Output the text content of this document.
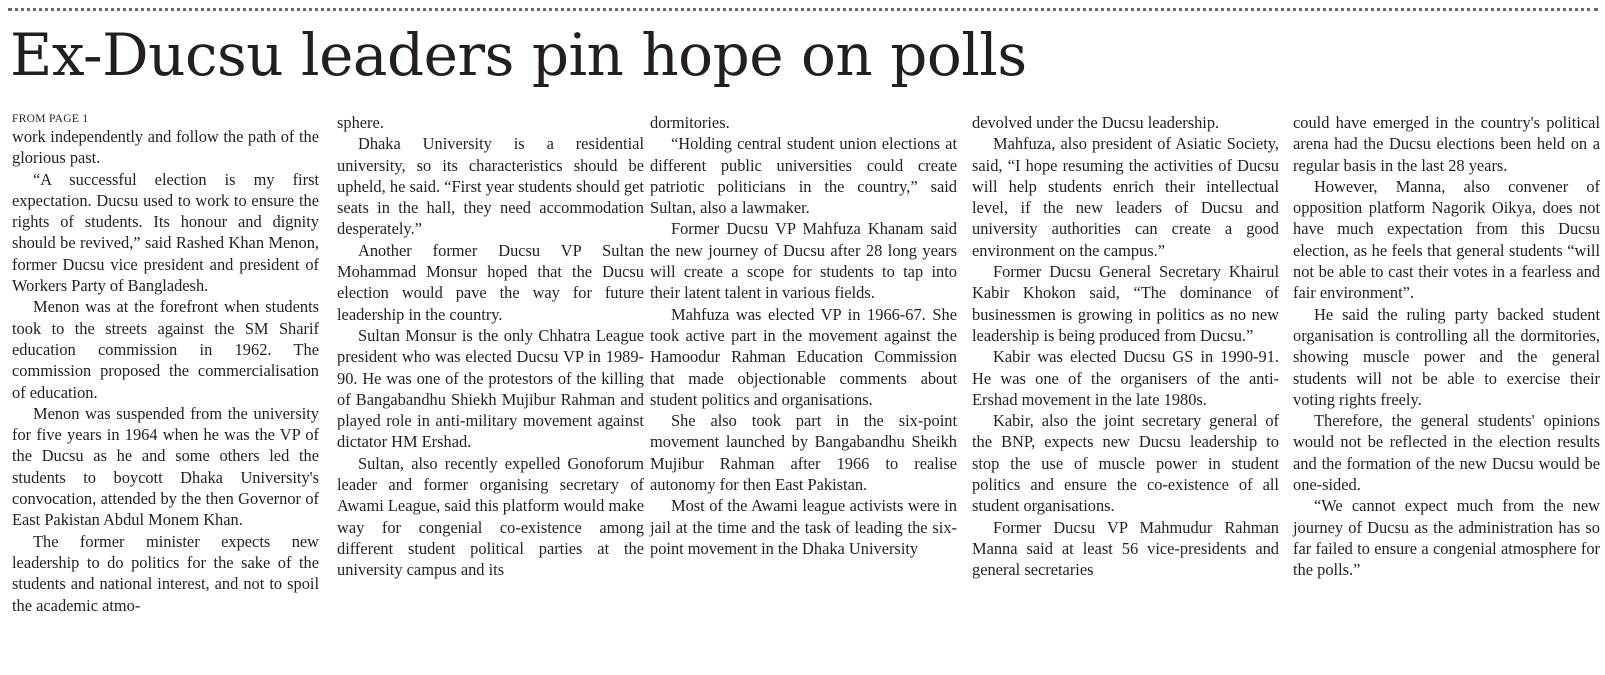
Ex-Ducsu leaders pin hope on polls
FROM PAGE 1

work independently and follow the path of the glorious past.

“A successful election is my first expectation. Ducsu used to work to ensure the rights of students. Its honour and dignity should be revived,” said Rashed Khan Menon, former Ducsu vice president and president of Workers Party of Bangladesh.

Menon was at the forefront when students took to the streets against the SM Sharif education commission in 1962. The commission proposed the commercialisation of education.

Menon was suspended from the university for five years in 1964 when he was the VP of the Ducsu as he and some others led the students to boycott Dhaka University's convocation, attended by the then Governor of East Pakistan Abdul Monem Khan.

The former minister expects new leadership to do politics for the sake of the students and national interest, and not to spoil the academic atmo-

sphere.

Dhaka University is a residential university, so its characteristics should be upheld, he said. “First year students should get seats in the hall, they need accommodation desperately.”

Another former Ducsu VP Sultan Mohammad Monsur hoped that the Ducsu election would pave the way for future leadership in the country.

Sultan Monsur is the only Chhatra League president who was elected Ducsu VP in 1989-90. He was one of the protestors of the killing of Bangabandhu Shiekh Mujibur Rahman and played role in anti-military movement against dictator HM Ershad.

Sultan, also recently expelled Gonoforum leader and former organising secretary of Awami League, said this platform would make way for congenial co-existence among different student political parties at the university campus and its

dormitories.

“Holding central student union elections at different public universities could create patriotic politicians in the country,” said Sultan, also a lawmaker.

Former Ducsu VP Mahfuza Khanam said the new journey of Ducsu after 28 long years will create a scope for students to tap into their latent talent in various fields.

Mahfuza was elected VP in 1966-67. She took active part in the movement against the Hamoodur Rahman Education Commission that made objectionable comments about student politics and organisations.

She also took part in the six-point movement launched by Bangabandhu Sheikh Mujibur Rahman after 1966 to realise autonomy for then East Pakistan.

Most of the Awami league activists were in jail at the time and the task of leading the six-point movement in the Dhaka University

devolved under the Ducsu leadership.

Mahfuza, also president of Asiatic Society, said, “I hope resuming the activities of Ducsu will help students enrich their intellectual level, if the new leaders of Ducsu and university authorities can create a good environment on the campus.”

Former Ducsu General Secretary Khairul Kabir Khokon said, “The dominance of businessmen is growing in politics as no new leadership is being produced from Ducsu.”

Kabir was elected Ducsu GS in 1990-91. He was one of the organisers of the anti-Ershad movement in the late 1980s.

Kabir, also the joint secretary general of the BNP, expects new Ducsu leadership to stop the use of muscle power in student politics and ensure the co-existence of all student organisations.

Former Ducsu VP Mahmudur Rahman Manna said at least 56 vice-presidents and general secretaries

could have emerged in the country's political arena had the Ducsu elections been held on a regular basis in the last 28 years.

However, Manna, also convener of opposition platform Nagorik Oikya, does not have much expectation from this Ducsu election, as he feels that general students “will not be able to cast their votes in a fearless and fair environment”.

He said the ruling party backed student organisation is controlling all the dormitories, showing muscle power and the general students will not be able to exercise their voting rights freely.

Therefore, the general students' opinions would not be reflected in the election results and the formation of the new Ducsu would be one-sided.

“We cannot expect much from the new journey of Ducsu as the administration has so far failed to ensure a congenial atmosphere for the polls.”
